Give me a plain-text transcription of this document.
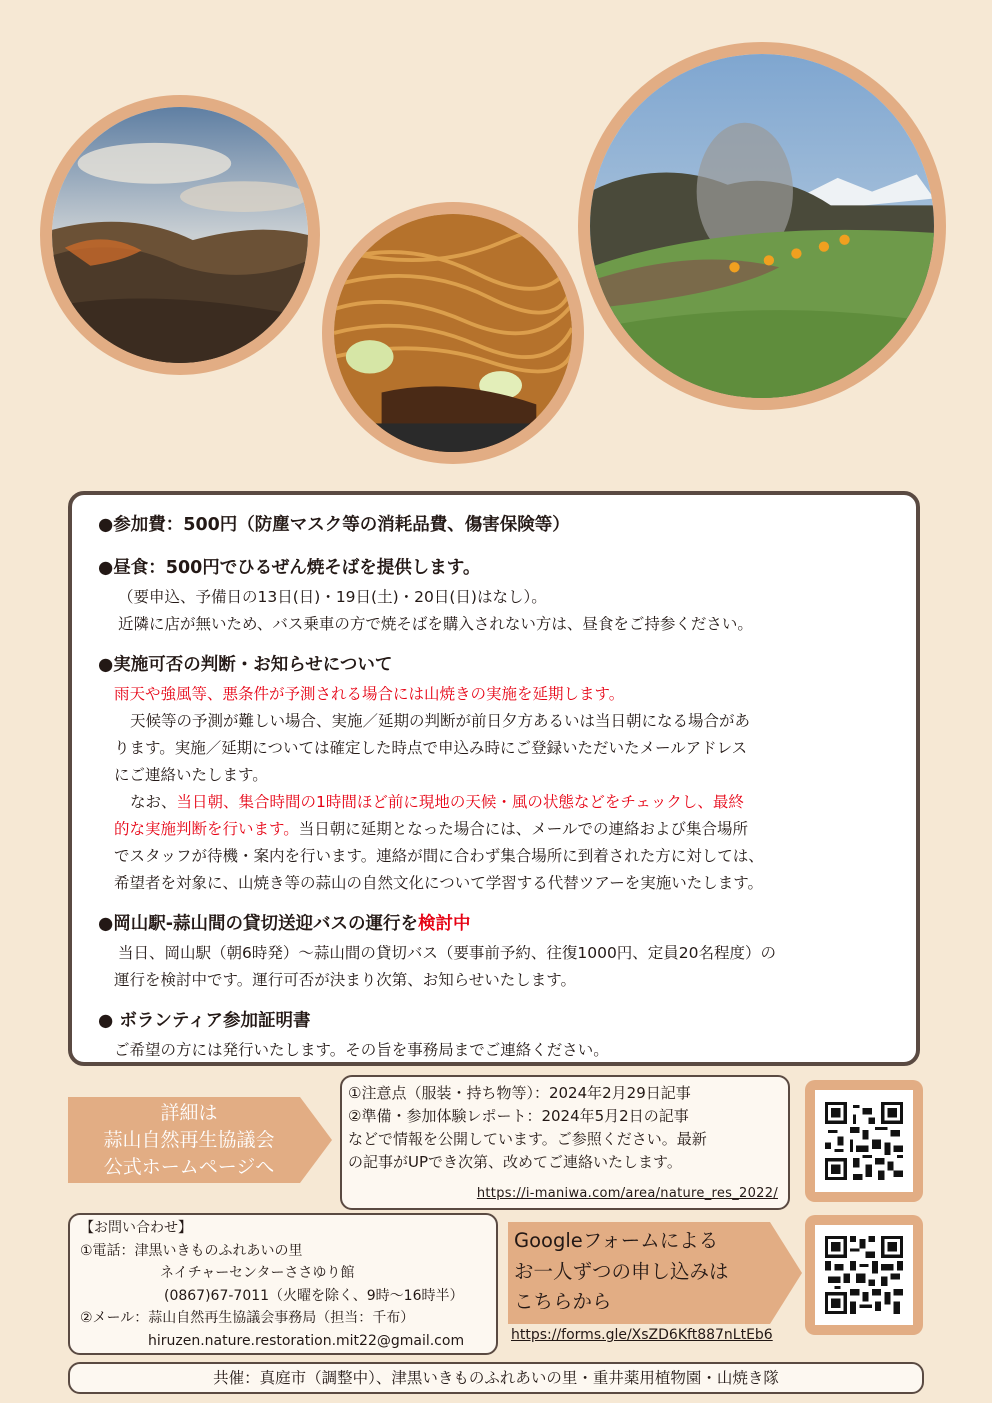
●参加費：500円（防塵マスク等の消耗品費、傷害保険等）
●昼食：500円でひるぜん焼そばを提供します。
（要申込、予備日の13日(日)・19日(土)・20日(日)はなし）。
近隣に店が無いため、バス乗車の方で焼そばを購入されない方は、昼食をご持参ください。
●実施可否の判断・お知らせについて
雨天や強風等、悪条件が予測される場合には山焼きの実施を延期します。
天候等の予測が難しい場合、実施／延期の判断が前日夕方あるいは当日朝になる場合があ
ります。実施／延期については確定した時点で申込み時にご登録いただいたメールアドレス
にご連絡いたします。
なお、当日朝、集合時間の1時間ほど前に現地の天候・風の状態などをチェックし、最終
的な実施判断を行います。当日朝に延期となった場合には、メールでの連絡および集合場所
でスタッフが待機・案内を行います。連絡が間に合わず集合場所に到着された方に対しては、
希望者を対象に、山焼き等の蒜山の自然文化について学習する代替ツアーを実施いたします。
●岡山駅-蒜山間の貸切送迎バスの運行を検討中
当日、岡山駅（朝6時発）〜蒜山間の貸切バス（要事前予約、往復1000円、定員20名程度）の
運行を検討中です。運行可否が決まり次第、お知らせいたします。
● ボランティア参加証明書
ご希望の方には発行いたします。その旨を事務局までご連絡ください。
詳細は
蒜山自然再生協議会
公式ホームページへ
①注意点（服装・持ち物等）：2024年2月29日記事
②準備・参加体験レポート：2024年5月2日の記事
などで情報を公開しています。ご参照ください。最新
の記事がUPでき次第、改めてご連絡いたします。
https://i-maniwa.com/area/nature_res_2022/
【お問い合わせ】
①電話：津黒いきものふれあいの里
ネイチャーセンターささゆり館
(0867)67-7011（火曜を除く、9時〜16時半）
②メール：蒜山自然再生協議会事務局（担当：千布）
hiruzen.nature.restoration.mit22@gmail.com
Googleフォームによる
お一人ずつの申し込みは
こちらから
https://forms.gle/XsZD6Kft887nLtEb6
共催：真庭市（調整中）、津黒いきものふれあいの里・重井薬用植物園・山焼き隊
